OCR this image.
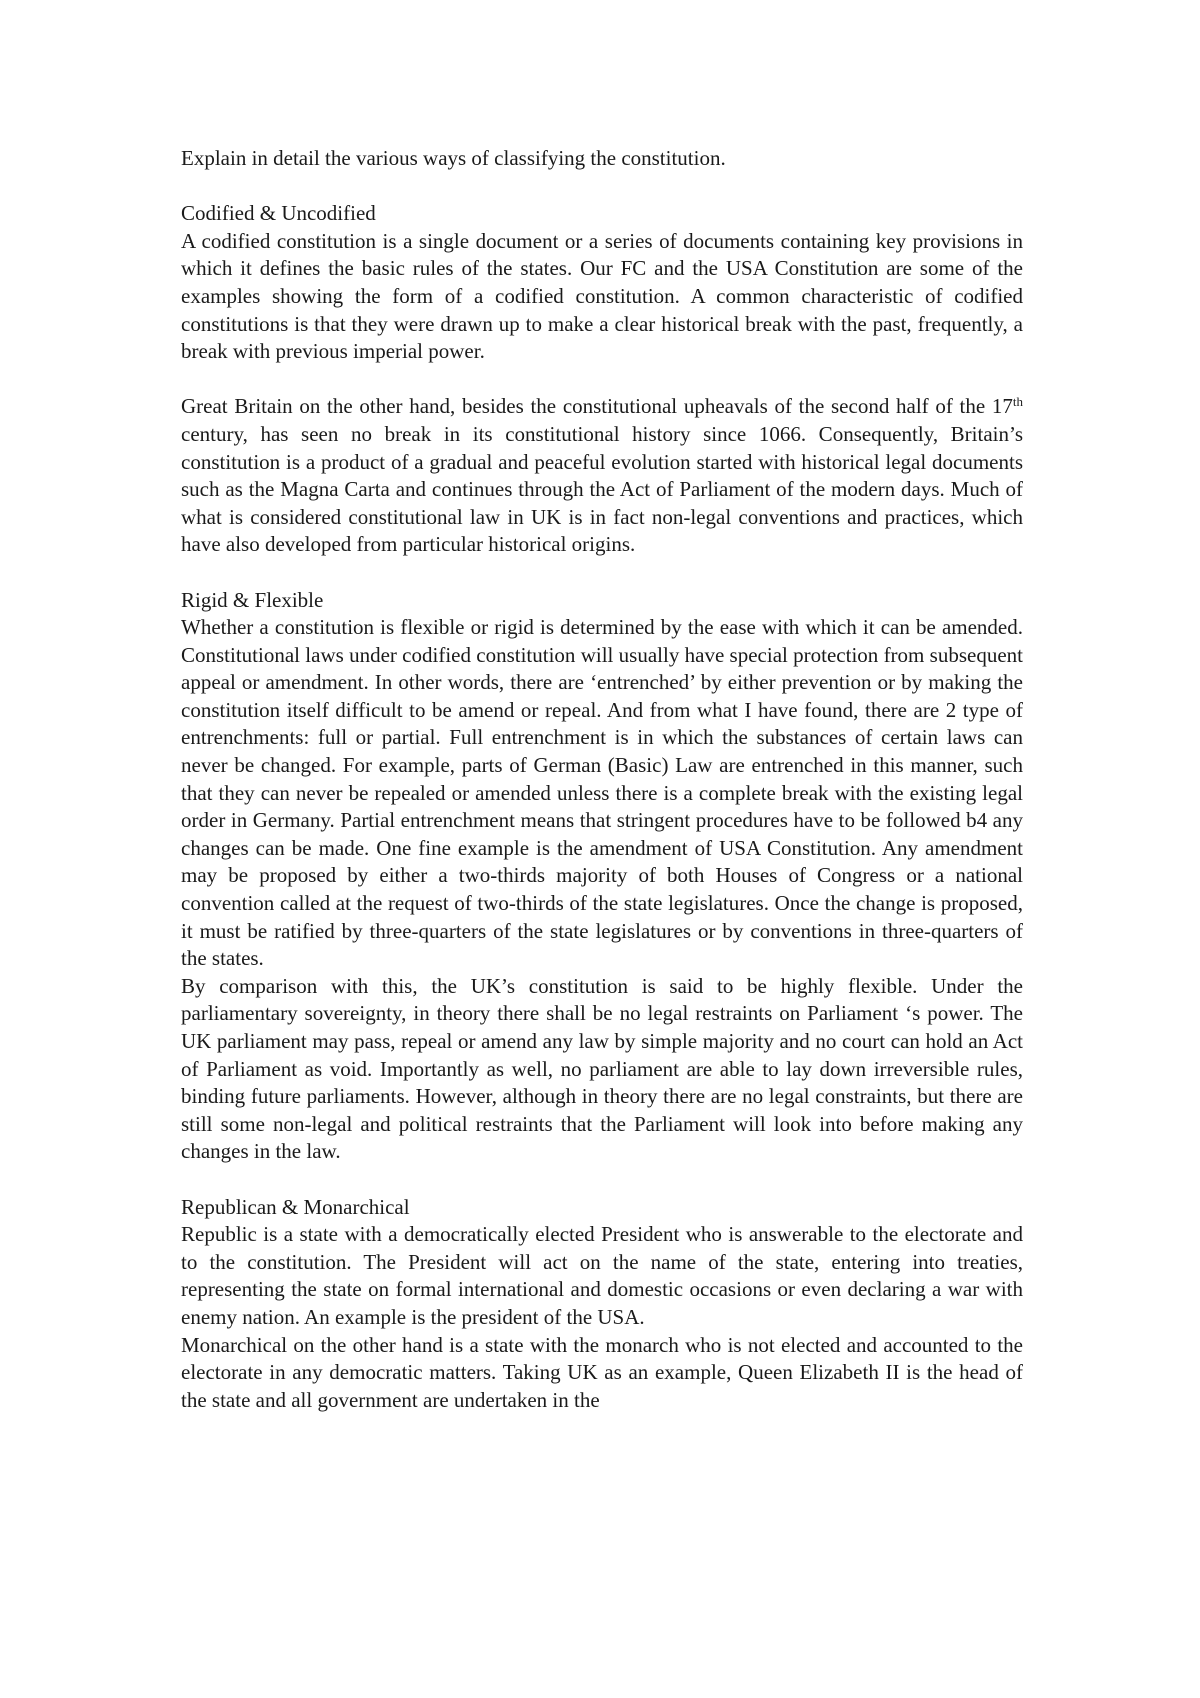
Explain in detail the various ways of classifying the constitution.

Codified & Uncodified

A codified constitution is a single document or a series of documents containing key provisions in which it defines the basic rules of the states. Our FC and the USA Constitution are some of the examples showing the form of a codified constitution. A common characteristic of codified constitutions is that they were drawn up to make a clear historical break with the past, frequently, a break with previous imperial power.

Great Britain on the other hand, besides the constitutional upheavals of the second half of the 17th century, has seen no break in its constitutional history since 1066. Consequently, Britain’s constitution is a product of a gradual and peaceful evolution started with historical legal documents such as the Magna Carta and continues through the Act of Parliament of the modern days. Much of what is considered constitutional law in UK is in fact non-legal conventions and practices, which have also developed from particular historical origins.

Rigid & Flexible

Whether a constitution is flexible or rigid is determined by the ease with which it can be amended. Constitutional laws under codified constitution will usually have special protection from subsequent appeal or amendment. In other words, there are ‘entrenched’ by either prevention or by making the constitution itself difficult to be amend or repeal. And from what I have found, there are 2 type of entrenchments: full or partial. Full entrenchment is in which the substances of certain laws can never be changed. For example, parts of German (Basic) Law are entrenched in this manner, such that they can never be repealed or amended unless there is a complete break with the existing legal order in Germany. Partial entrenchment means that stringent procedures have to be followed b4 any changes can be made. One fine example is the amendment of USA Constitution. Any amendment may be proposed by either a two-thirds majority of both Houses of Congress or a national convention called at the request of two-thirds of the state legislatures. Once the change is proposed, it must be ratified by three-quarters of the state legislatures or by conventions in three-quarters of the states.

By comparison with this, the UK’s constitution is said to be highly flexible. Under the parliamentary sovereignty, in theory there shall be no legal restraints on Parliament ‘s power. The UK parliament may pass, repeal or amend any law by simple majority and no court can hold an Act of Parliament as void. Importantly as well, no parliament are able to lay down irreversible rules, binding future parliaments. However, although in theory there are no legal constraints, but there are still some non-legal and political restraints that the Parliament will look into before making any changes in the law.

Republican & Monarchical

Republic is a state with a democratically elected President who is answerable to the electorate and to the constitution. The President will act on the name of the state, entering into treaties, representing the state on formal international and domestic occasions or even declaring a war with enemy nation. An example is the president of the USA.

Monarchical on the other hand is a state with the monarch who is not elected and accounted to the electorate in any democratic matters. Taking UK as an example, Queen Elizabeth II is the head of the state and all government are undertaken in the
